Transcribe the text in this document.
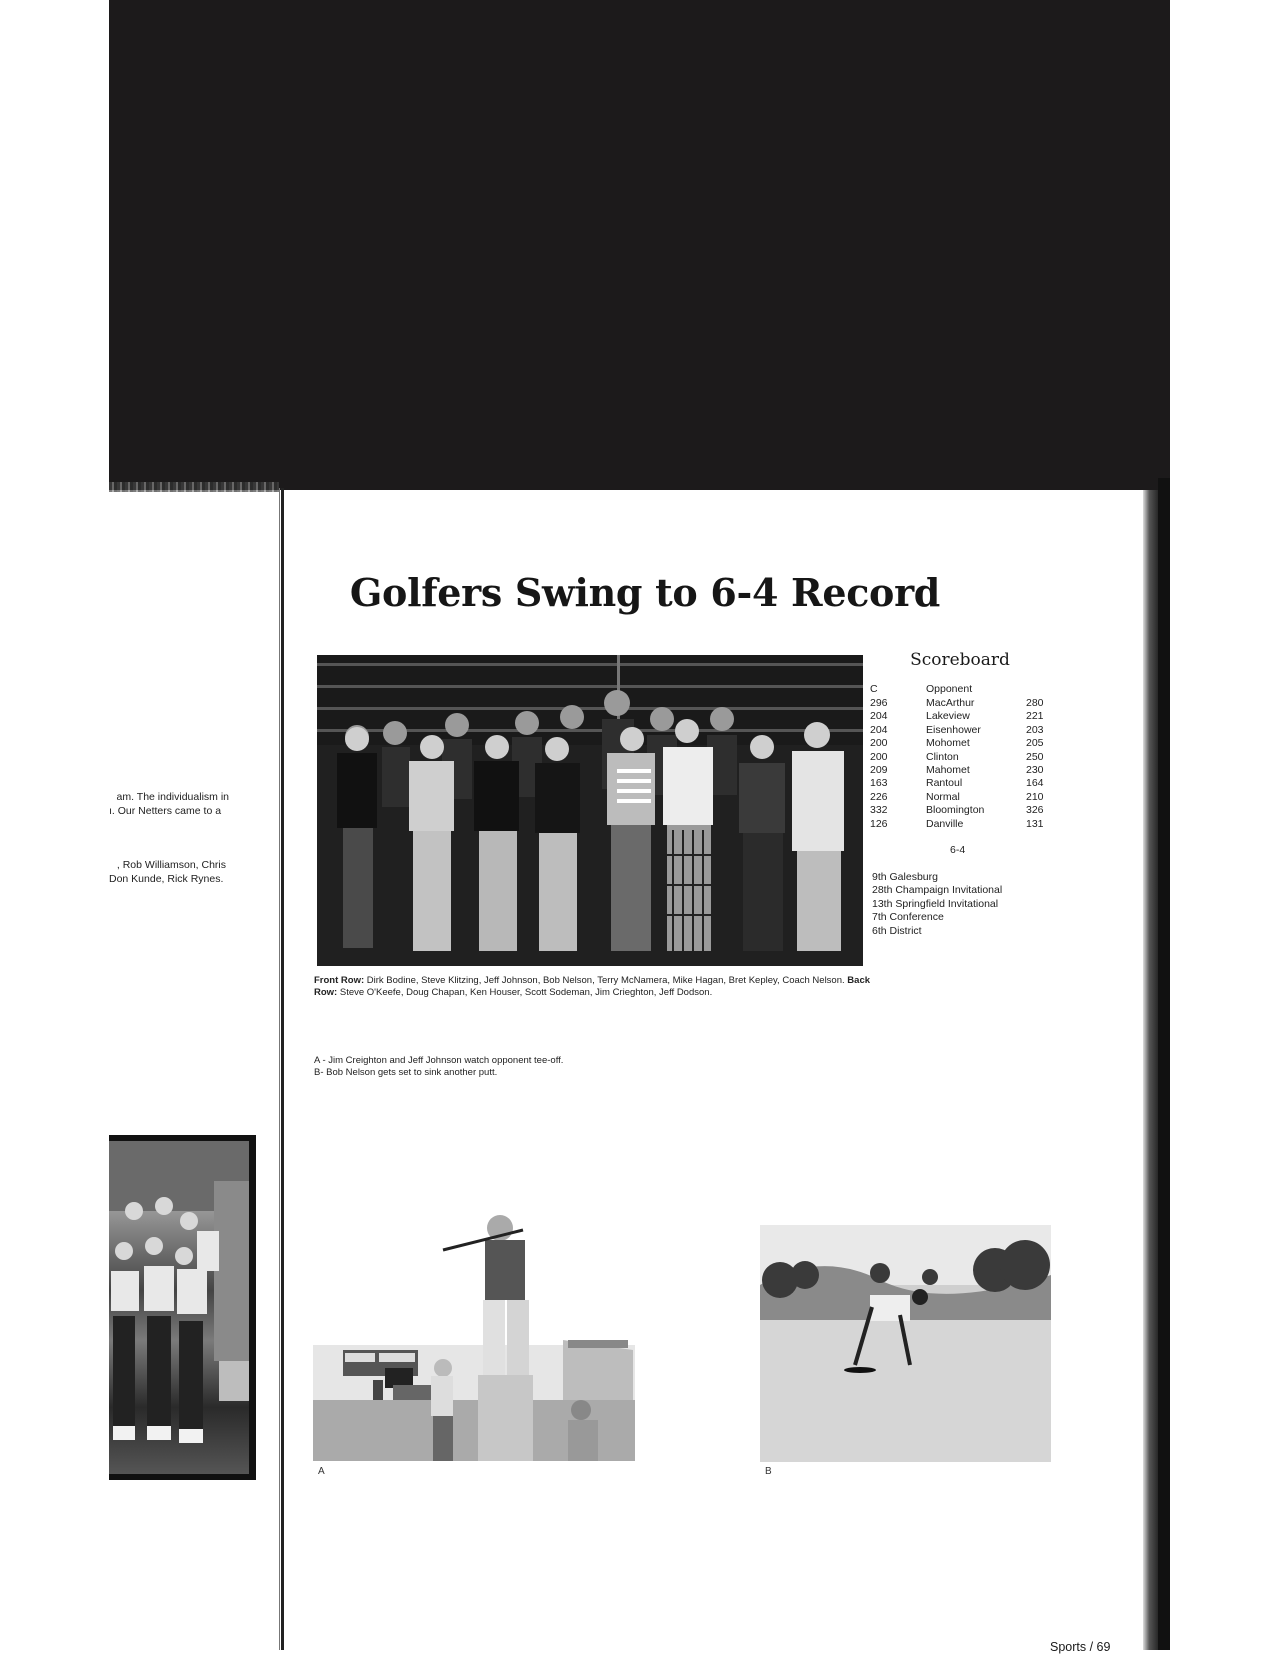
am. The individualism in
ı. Our Netters came to a
, Rob Williamson, Chris
Don Kunde, Rick Rynes.
Golfers Swing to 6-4 Record
Front Row: Dirk Bodine, Steve Klitzing, Jeff Johnson, Bob Nelson, Terry McNamera, Mike Hagan, Bret Kepley, Coach Nelson. Back Row: Steve O'Keefe, Doug Chapan, Ken Houser, Scott Sodeman, Jim Crieghton, Jeff Dodson.
Scoreboard
C	Opponent
296	MacArthur	280
204	Lakeview	221
204	Eisenhower	203
200	Mohomet	205
200	Clinton	250
209	Mahomet	230
163	Rantoul	164
226	Normal	210
332	Bloomington	326
126	Danville	131
6-4
9th Galesburg
28th Champaign Invitational
13th Springfield Invitational
7th Conference
6th District
A - Jim Creighton and Jeff Johnson watch opponent tee-off.
B- Bob Nelson gets set to sink another putt.
A	B
Sports / 69
